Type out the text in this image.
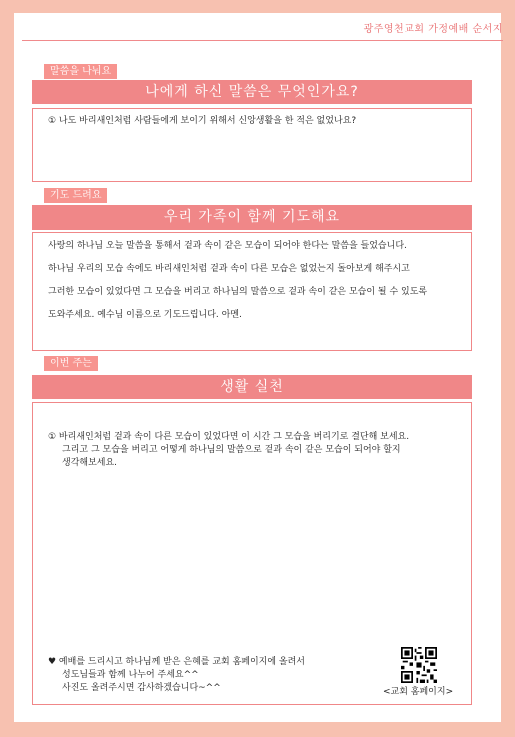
광주영천교회 가정예배 순서지
말씀을 나눠요
나에게 하신 말씀은 무엇인가요?
① 나도 바리새인처럼 사람들에게 보이기 위해서 신앙생활을 한 적은 없었나요?
기도 드려요
우리 가족이 함께 기도해요

사랑의 하나님 오늘 말씀을 통해서 겉과 속이 같은 모습이 되어야 한다는 말씀을 들었습니다.

하나님 우리의 모습 속에도 바리새인처럼 겉과 속이 다른 모습은 없었는지 돌아보게 해주시고

그러한 모습이 있었다면 그 모습을 버리고 하나님의 말씀으로 겉과 속이 같은 모습이 될 수 있도록

도와주세요. 예수님 이름으로 기도드립니다. 아멘.

이번 주는
생활 실천
① 바리새인처럼 겉과 속이 다른 모습이 있었다면 이 시간 그 모습을 버리기로 결단해 보세요.
그리고 그 모습을 버리고 어떻게 하나님의 말씀으로 겉과 속이 같은 모습이 되어야 할지
생각해보세요.
♥ 예배를 드리시고 하나님께 받은 은혜를 교회 홈페이지에 올려서
성도님들과 함께 나누어 주세요^^
사진도 올려주시면 감사하겠습니다~^^	<교회 홈페이지>
